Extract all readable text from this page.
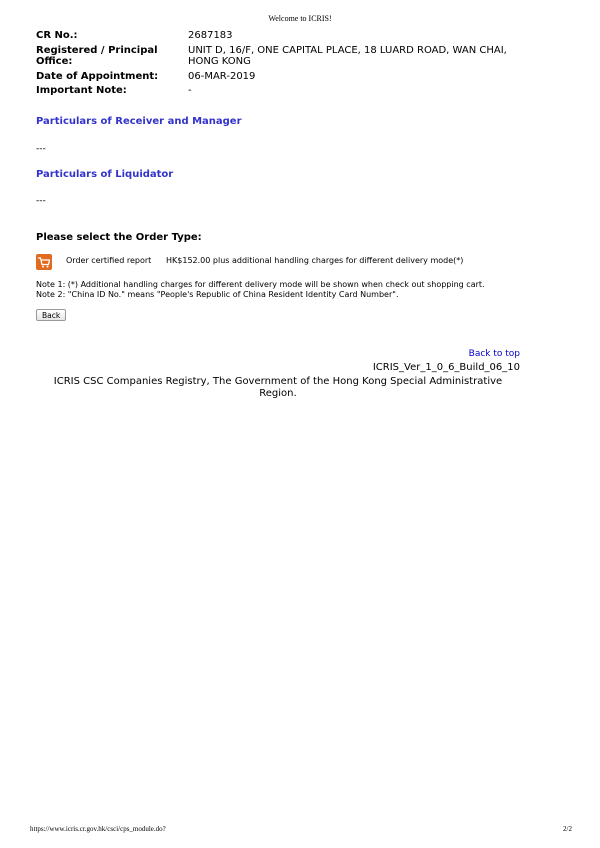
Welcome to ICRIS!
CR No.:	2687183
Registered / Principal Office:	UNIT D, 16/F, ONE CAPITAL PLACE, 18 LUARD ROAD, WAN CHAI, HONG KONG
Date of Appointment:	06-MAR-2019
Important Note:	-
Particulars of Receiver and Manager
---
Particulars of Liquidator
---
Please select the Order Type:
Order certified report HK$152.00 plus additional handling charges for different delivery mode(*)
Note 1: (*) Additional handling charges for different delivery mode will be shown when check out shopping cart.
Note 2: "China ID No." means "People's Republic of China Resident Identity Card Number".
Back
Back to top
ICRIS_Ver_1_0_6_Build_06_10
ICRIS CSC Companies Registry, The Government of the Hong Kong Special Administrative Region.
https://www.icris.cr.gov.hk/csci/cps_module.do?	2/2
